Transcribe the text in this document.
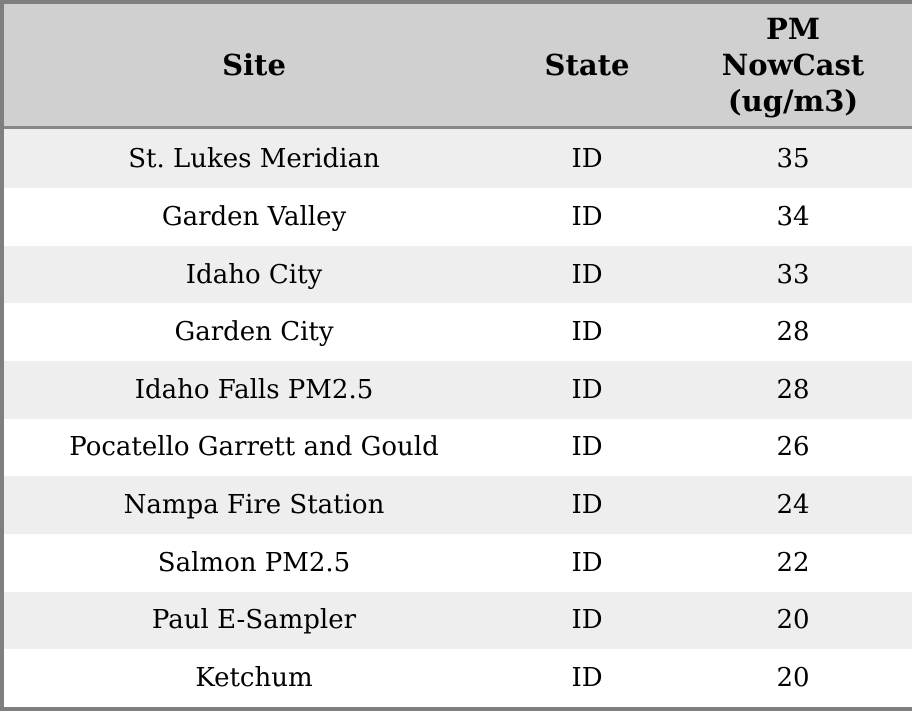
Site	State	PM
NowCast
(ug/m3)

St. Lukes Meridian	ID	35
Garden Valley	ID	34
Idaho City	ID	33
Garden City	ID	28
Idaho Falls PM2.5	ID	28
Pocatello Garrett and Gould	ID	26
Nampa Fire Station	ID	24
Salmon PM2.5	ID	22
Paul E-Sampler	ID	20
Ketchum	ID	20
